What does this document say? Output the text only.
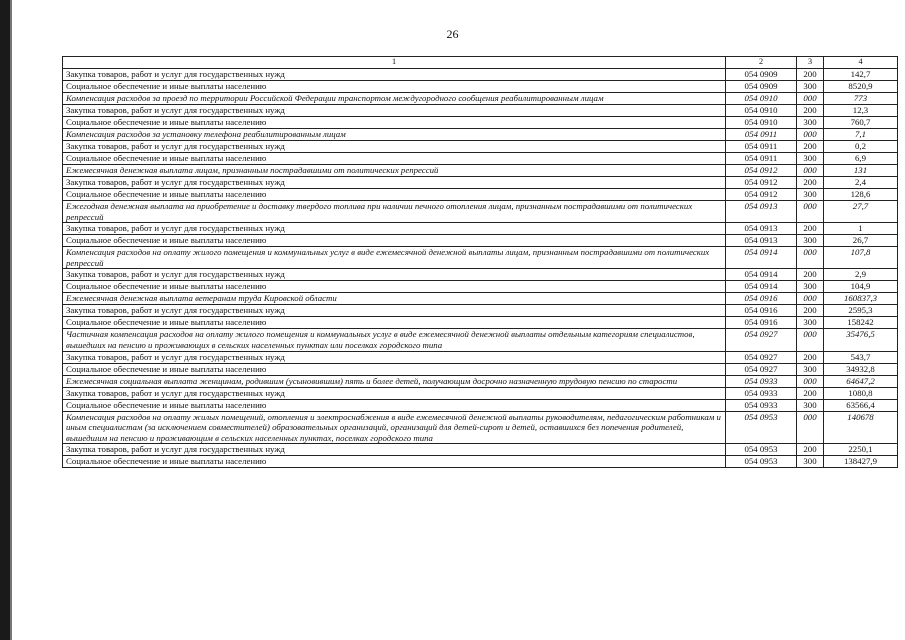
26
1	2	3	4
Закупка товаров, работ и услуг для государственных нужд	054 0909	200	142,7
Социальное обеспечение и иные выплаты населению	054 0909	300	8520,9
Компенсация расходов за проезд по территории Российской Федерации транспортом междугородного сообщения реабилитированным лицам	054 0910	000	773
Закупка товаров, работ и услуг для государственных нужд	054 0910	200	12,3
Социальное обеспечение и иные выплаты населению	054 0910	300	760,7
Компенсация расходов за установку телефона реабилитированным лицам	054 0911	000	7,1
Закупка товаров, работ и услуг для государственных нужд	054 0911	200	0,2
Социальное обеспечение и иные выплаты населению	054 0911	300	6,9
Ежемесячная денежная выплата лицам, признанным пострадавшими от политических репрессий	054 0912	000	131
Закупка товаров, работ и услуг для государственных нужд	054 0912	200	2,4
Социальное обеспечение и иные выплаты населению	054 0912	300	128,6
Ежегодная денежная выплата на приобретение и доставку твердого топлива при наличии печного отопления лицам, признанным пострадавшими от политических репрессий	054 0913	000	27,7
Закупка товаров, работ и услуг для государственных нужд	054 0913	200	1
Социальное обеспечение и иные выплаты населению	054 0913	300	26,7
Компенсация расходов на оплату жилого помещения и коммунальных услуг в виде ежемесячной денежной выплаты лицам, признанным пострадавшими от политических репрессий	054 0914	000	107,8
Закупка товаров, работ и услуг для государственных нужд	054 0914	200	2,9
Социальное обеспечение и иные выплаты населению	054 0914	300	104,9
Ежемесячная денежная выплата ветеранам труда Кировской области	054 0916	000	160837,3
Закупка товаров, работ и услуг для государственных нужд	054 0916	200	2595,3
Социальное обеспечение и иные выплаты населению	054 0916	300	158242
Частичная компенсация расходов на оплату жилого помещения и коммунальных услуг в виде ежемесячной денежной выплаты отдельным категориям специалистов, вышедших на пенсию и проживающих в сельских населенных пунктах или поселках городского типа	054 0927	000	35476,5
Закупка товаров, работ и услуг для государственных нужд	054 0927	200	543,7
Социальное обеспечение и иные выплаты населению	054 0927	300	34932,8
Ежемесячная социальная выплата женщинам, родившим (усыновившим) пять и более детей, получающим досрочно назначенную трудовую пенсию по старости	054 0933	000	64647,2
Закупка товаров, работ и услуг для государственных нужд	054 0933	200	1080,8
Социальное обеспечение и иные выплаты населению	054 0933	300	63566,4
Компенсация расходов на оплату жилых помещений, отопления и электроснабжения в виде ежемесячной денежной выплаты руководителям, педагогическим работникам и иным специалистам (за исключением совместителей) образовательных организаций, организаций для детей-сирот и детей, оставшихся без попечения родителей, вышедшим на пенсию и проживающим в сельских населенных пунктах, поселках городского типа	054 0953	000	140678
Закупка товаров, работ и услуг для государственных нужд	054 0953	200	2250,1
Социальное обеспечение и иные выплаты населению	054 0953	300	138427,9
